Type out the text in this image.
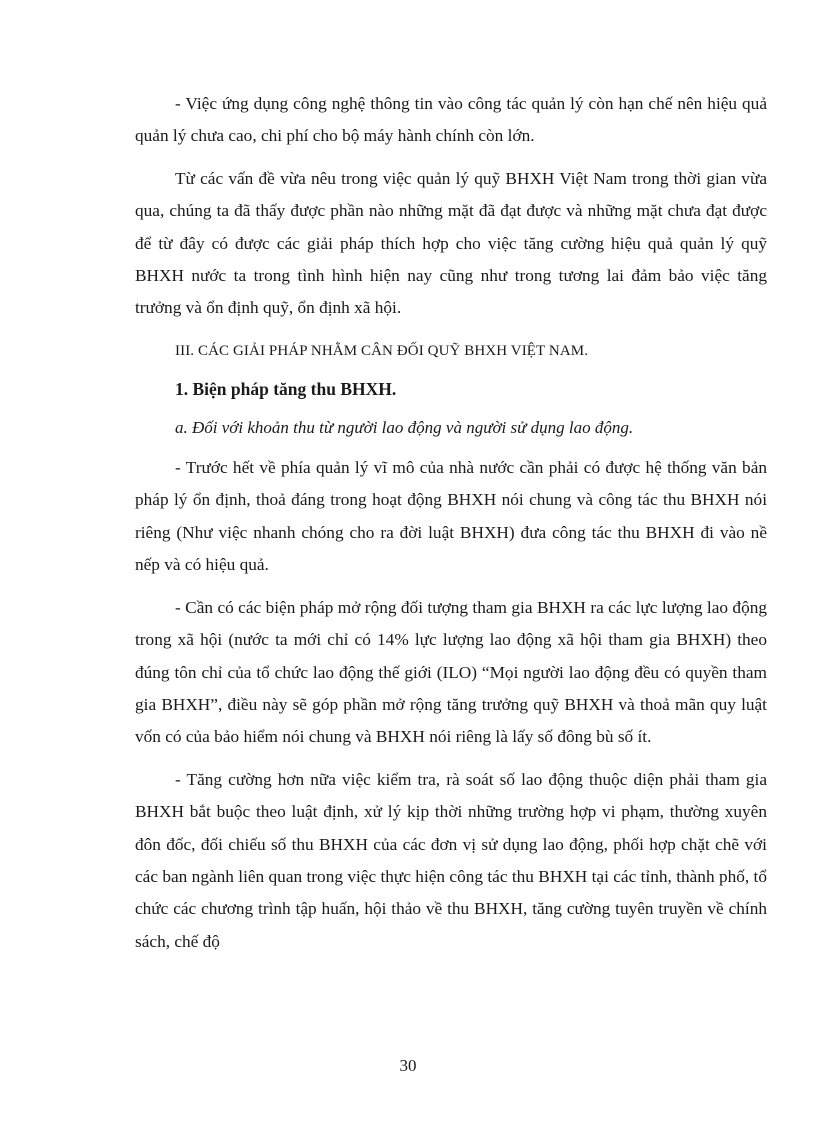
- Việc ứng dụng công nghệ thông tin vào công tác quản lý còn hạn chế nên hiệu quả quản lý chưa cao, chi phí cho bộ máy hành chính còn lớn.

Từ các vấn đề vừa nêu trong việc quản lý quỹ BHXH Việt Nam trong thời gian vừa qua, chúng ta đã thấy được phần nào những mặt đã đạt được và những mặt chưa đạt được để từ đây có được các giải pháp thích hợp cho việc tăng cường hiệu quả quản lý quỹ BHXH nước ta trong tình hình hiện nay cũng như trong tương lai đảm bảo việc tăng trưởng và ổn định quỹ, ổn định xã hội.

III. CÁC GIẢI PHÁP NHẰM CÂN ĐỐI QUỸ BHXH VIỆT NAM.

1. Biện pháp tăng thu BHXH.

a. Đối với khoản thu từ người lao động và người sử dụng lao động.

- Trước hết về phía quản lý vĩ mô của nhà nước cần phải có được hệ thống văn bản pháp lý ổn định, thoả đáng trong hoạt động BHXH nói chung và công tác thu BHXH nói riêng (Như việc nhanh chóng cho ra đời luật BHXH) đưa công tác thu BHXH đi vào nề nếp và có hiệu quả.

- Cần có các biện pháp mở rộng đối tượng tham gia BHXH ra các lực lượng lao động trong xã hội (nước ta mới chỉ có 14% lực lượng lao động xã hội tham gia BHXH) theo đúng tôn chỉ của tổ chức lao động thế giới (ILO) “Mọi người lao động đều có quyền tham gia BHXH”, điều này sẽ góp phần mở rộng tăng trưởng quỹ BHXH và thoả mãn quy luật vốn có của bảo hiểm nói chung và BHXH nói riêng là lấy số đông bù số ít.

- Tăng cường hơn nữa việc kiểm tra, rà soát số lao động thuộc diện phải tham gia BHXH bắt buộc theo luật định, xử lý kịp thời những trường hợp vi phạm, thường xuyên đôn đốc, đối chiếu số thu BHXH của các đơn vị sử dụng lao động, phối hợp chặt chẽ với các ban ngành liên quan trong việc thực hiện công tác thu BHXH tại các tỉnh, thành phố, tổ chức các chương trình tập huấn, hội thảo về thu BHXH, tăng cường tuyên truyền về chính sách, chế độ

30
